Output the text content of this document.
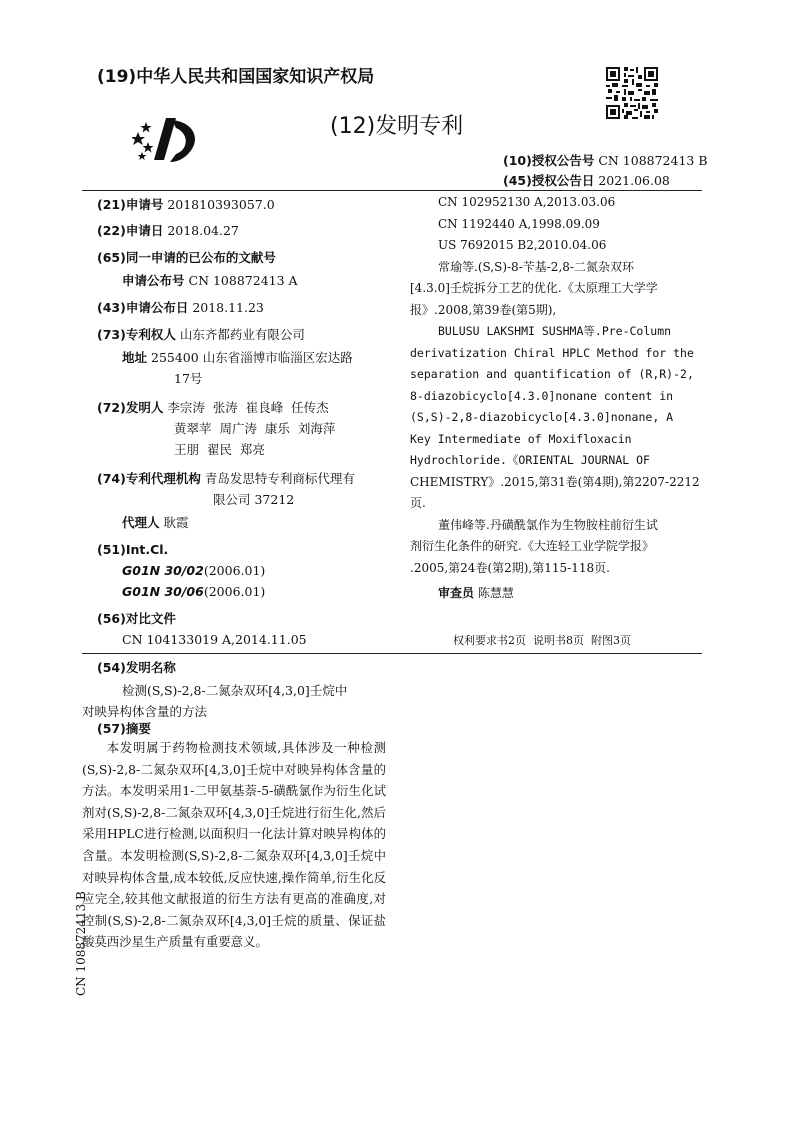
(19)中华人民共和国国家知识产权局
(12)发明专利
(10)授权公告号 CN 108872413 B
(45)授权公告日 2021.06.08
(21)申请号 201810393057.0
(22)申请日 2018.04.27
(65)同一申请的已公布的文献号
申请公布号 CN 108872413 A
(43)申请公布日 2018.11.23
(73)专利权人 山东齐都药业有限公司
地址 255400 山东省淄博市临淄区宏达路
17号
(72)发明人 李宗涛  张涛  崔良峰  任传杰
黄翠苹  周广涛  康乐  刘海萍
王朋  翟民  郑亮
(74)专利代理机构 青岛发思特专利商标代理有
限公司 37212
代理人 耿霞
(51)Int.Cl.
G01N 30/02(2006.01)
G01N 30/06(2006.01)
(56)对比文件
CN 104133019 A,2014.11.05
CN 102952130 A,2013.03.06
CN 1192440 A,1998.09.09
US 7692015 B2,2010.04.06
常瑜等.(S,S)-8-苄基-2,8-二氮杂双环
[4.3.0]壬烷拆分工艺的优化.《太原理工大学学
报》.2008,第39卷(第5期),
BULUSU LAKSHMI SUSHMA等.Pre-Column
derivatization Chiral HPLC Method for the
separation and quantification of (R,R)-2,
8-diazobicyclo[4.3.0]nonane content in
(S,S)-2,8-diazobicyclo[4.3.0]nonane, A
Key Intermediate of Moxifloxacin
Hydrochloride.《ORIENTAL JOURNAL OF
CHEMISTRY》.2015,第31卷(第4期),第2207-2212
页.
董伟峰等.丹磺酰氯作为生物胺柱前衍生试
剂衍生化条件的研究.《大连轻工业学院学报》
.2005,第24卷(第2期),第115-118页.
审查员 陈慧慧
权利要求书2页  说明书8页  附图3页
(54)发明名称
检测(S,S)-2,8-二氮杂双环[4,3,0]壬烷中
对映异构体含量的方法
(57)摘要
本发明属于药物检测技术领域,具体涉及一种检测(S,S)-2,8-二氮杂双环[4,3,0]壬烷中对映异构体含量的方法。本发明采用1-二甲氨基萘-5-磺酰氯作为衍生化试剂对(S,S)-2,8-二氮杂双环[4,3,0]壬烷进行衍生化,然后采用HPLC进行检测,以面积归一化法计算对映异构体的含量。本发明检测(S,S)-2,8-二氮杂双环[4,3,0]壬烷中对映异构体含量,成本较低,反应快速,操作简单,衍生化反应完全,较其他文献报道的衍生方法有更高的准确度,对控制(S,S)-2,8-二氮杂双环[4,3,0]壬烷的质量、保证盐酸莫西沙星生产质量有重要意义。
CN 108872413 B
